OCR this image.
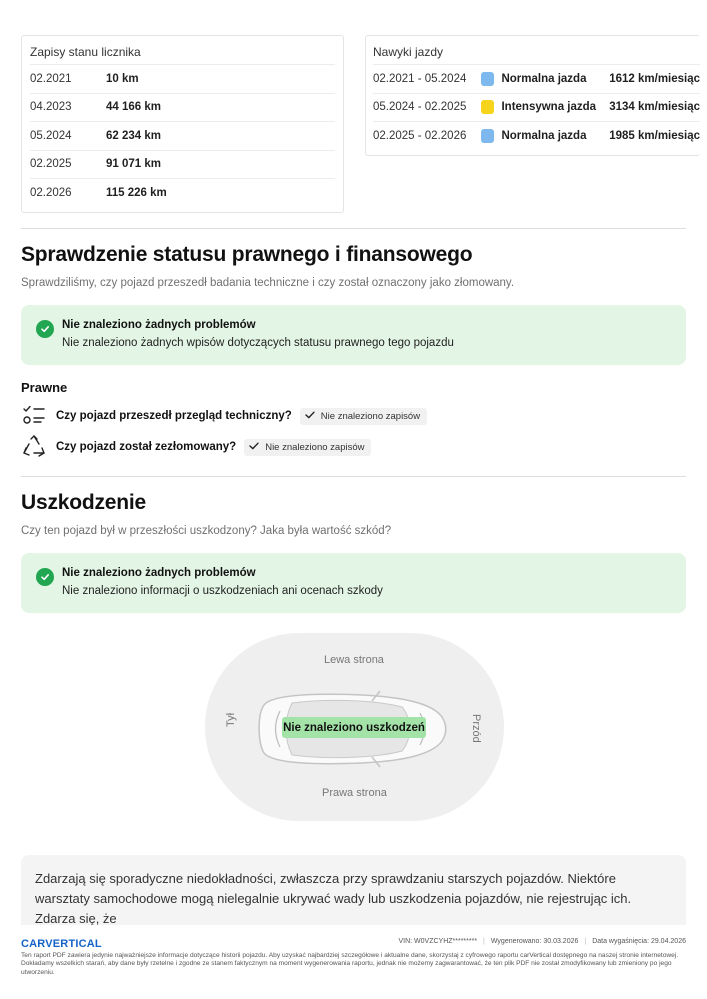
Zapisy stanu licznika
02.2021	10 km
04.2023	44 166 km
05.2024	62 234 km
02.2025	91 071 km
02.2026	115 226 km
Nawyki jazdy
02.2021 - 05.2024	Normalna jazda	1612 km/miesiąc
05.2024 - 02.2025	Intensywna jazda	3134 km/miesiąc
02.2025 - 02.2026	Normalna jazda	1985 km/miesiąc
Sprawdzenie statusu prawnego i finansowego
Sprawdziliśmy, czy pojazd przeszedł badania techniczne i czy został oznaczony jako złomowany.
Nie znaleziono żadnych problemów
Nie znaleziono żadnych wpisów dotyczących statusu prawnego tego pojazdu
Prawne
Czy pojazd przeszedł przegląd techniczny?	Nie znaleziono zapisów
Czy pojazd został zezłomowany?	Nie znaleziono zapisów
Uszkodzenie
Czy ten pojazd był w przeszłości uszkodzony? Jaka była wartość szkód?
Nie znaleziono żadnych problemów
Nie znaleziono informacji o uszkodzeniach ani ocenach szkody
Lewa strona
Prawa strona
Tył	Przód
Nie znaleziono uszkodzeń
Zdarzają się sporadyczne niedokładności, zwłaszcza przy sprawdzaniu starszych pojazdów. Niektóre warsztaty samochodowe mogą nielegalnie ukrywać wady lub uszkodzenia pojazdów, nie rejestrując ich. Zdarza się, że
CARVERTICAL	VIN: W0VZCYHZ********* | Wygenerowano: 30.03.2026 | Data wygaśnięcia: 29.04.2026
Ten raport PDF zawiera jedynie najważniejsze informacje dotyczące historii pojazdu. Aby uzyskać najbardziej szczegółowe i aktualne dane, skorzystaj z cyfrowego raportu carVertical dostępnego na naszej stronie internetowej. Dokładamy wszelkich starań, aby dane były rzetelne i zgodne ze stanem faktycznym na moment wygenerowania raportu, jednak nie możemy zagwarantować, że ten plik PDF nie został zmodyfikowany lub zmieniony po jego utworzeniu.
